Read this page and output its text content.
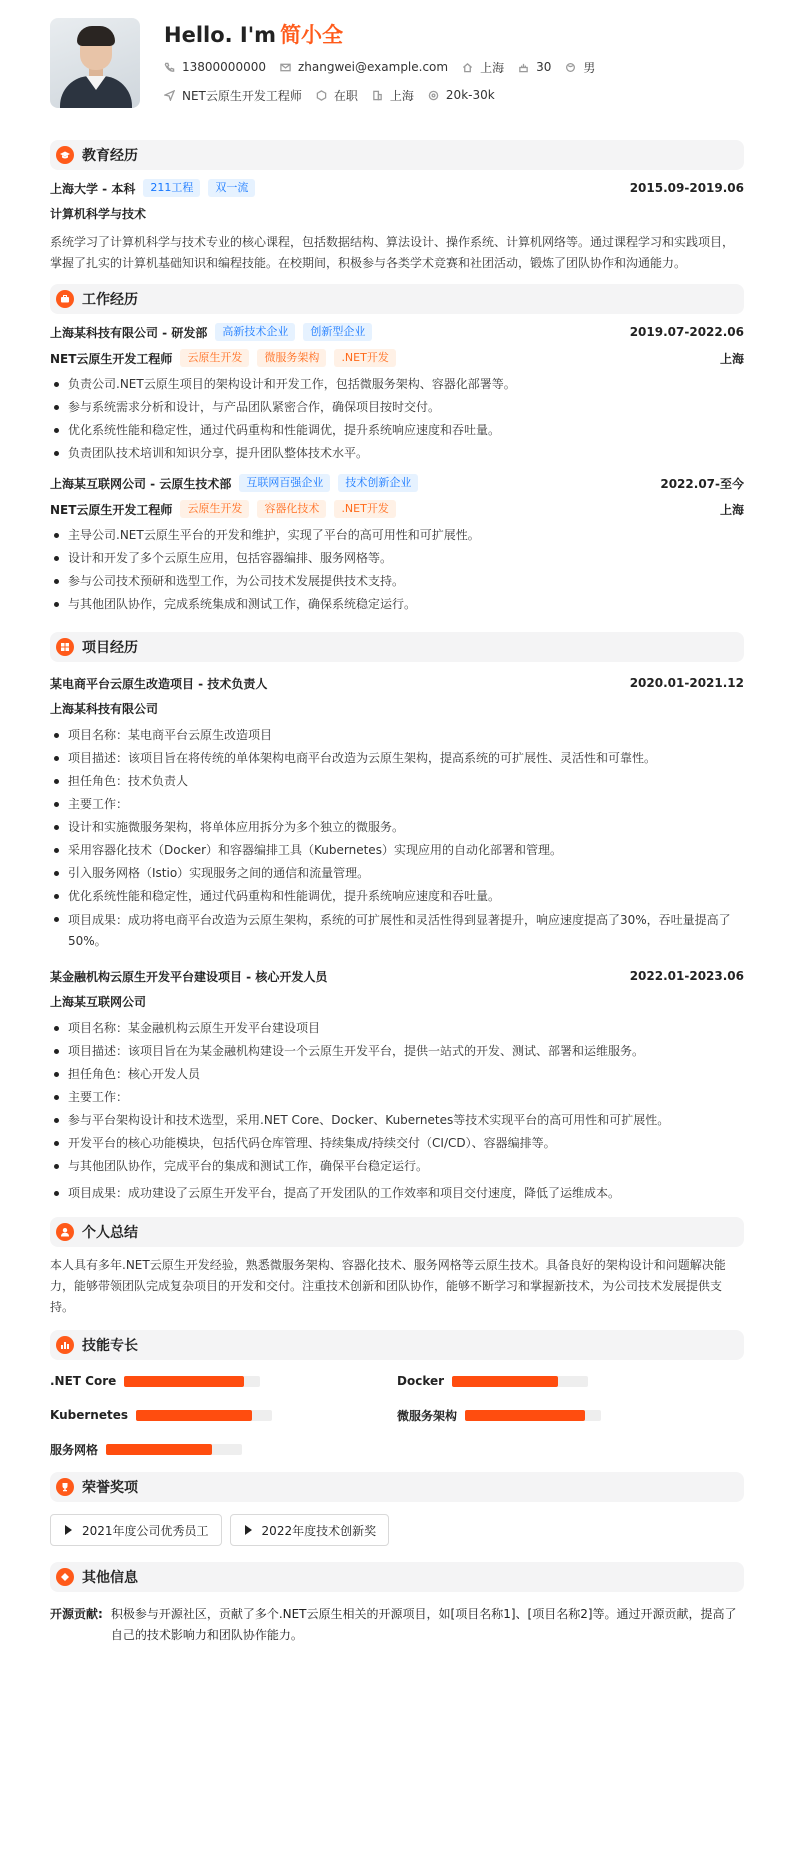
Hello. I'm 简小全
13800000000	zhangwei@example.com	上海	30	男
NET云原生开发工程师	在职	上海	20k-30k
教育经历
上海大学 - 本科	211工程	双一流	2015.09-2019.06
计算机科学与技术
系统学习了计算机科学与技术专业的核心课程，包括数据结构、算法设计、操作系统、计算机网络等。通过课程学习和实践项目，掌握了扎实的计算机基础知识和编程技能。在校期间，积极参与各类学术竞赛和社团活动，锻炼了团队协作和沟通能力。
工作经历
上海某科技有限公司 - 研发部	高新技术企业	创新型企业	2019.07-2022.06
NET云原生开发工程师	云原生开发	微服务架构	.NET开发	上海
负责公司.NET云原生项目的架构设计和开发工作，包括微服务架构、容器化部署等。
参与系统需求分析和设计，与产品团队紧密合作，确保项目按时交付。
优化系统性能和稳定性，通过代码重构和性能调优，提升系统响应速度和吞吐量。
负责团队技术培训和知识分享，提升团队整体技术水平。
上海某互联网公司 - 云原生技术部	互联网百强企业	技术创新企业	2022.07-至今
NET云原生开发工程师	云原生开发	容器化技术	.NET开发	上海
主导公司.NET云原生平台的开发和维护，实现了平台的高可用性和可扩展性。
设计和开发了多个云原生应用，包括容器编排、服务网格等。
参与公司技术预研和选型工作，为公司技术发展提供技术支持。
与其他团队协作，完成系统集成和测试工作，确保系统稳定运行。
项目经历
某电商平台云原生改造项目 - 技术负责人	2020.01-2021.12
上海某科技有限公司
项目名称：某电商平台云原生改造项目
项目描述：该项目旨在将传统的单体架构电商平台改造为云原生架构，提高系统的可扩展性、灵活性和可靠性。
担任角色：技术负责人
主要工作：
设计和实施微服务架构，将单体应用拆分为多个独立的微服务。
采用容器化技术（Docker）和容器编排工具（Kubernetes）实现应用的自动化部署和管理。
引入服务网格（Istio）实现服务之间的通信和流量管理。
优化系统性能和稳定性，通过代码重构和性能调优，提升系统响应速度和吞吐量。
项目成果：成功将电商平台改造为云原生架构，系统的可扩展性和灵活性得到显著提升，响应速度提高了30%，吞吐量提高了50%。
某金融机构云原生开发平台建设项目 - 核心开发人员	2022.01-2023.06
上海某互联网公司
项目名称：某金融机构云原生开发平台建设项目
项目描述：该项目旨在为某金融机构建设一个云原生开发平台，提供一站式的开发、测试、部署和运维服务。
担任角色：核心开发人员
主要工作：
参与平台架构设计和技术选型，采用.NET Core、Docker、Kubernetes等技术实现平台的高可用性和可扩展性。
开发平台的核心功能模块，包括代码仓库管理、持续集成/持续交付（CI/CD）、容器编排等。
与其他团队协作，完成平台的集成和测试工作，确保平台稳定运行。
项目成果：成功建设了云原生开发平台，提高了开发团队的工作效率和项目交付速度，降低了运维成本。
个人总结
本人具有多年.NET云原生开发经验，熟悉微服务架构、容器化技术、服务网格等云原生技术。具备良好的架构设计和问题解决能力，能够带领团队完成复杂项目的开发和交付。注重技术创新和团队协作，能够不断学习和掌握新技术，为公司技术发展提供支持。
技能专长
.NET Core	Docker
Kubernetes	微服务架构
服务网格
荣誉奖项
2021年度公司优秀员工	2022年度技术创新奖
其他信息
开源贡献: 积极参与开源社区，贡献了多个.NET云原生相关的开源项目，如[项目名称1]、[项目名称2]等。通过开源贡献，提高了自己的技术影响力和团队协作能力。
